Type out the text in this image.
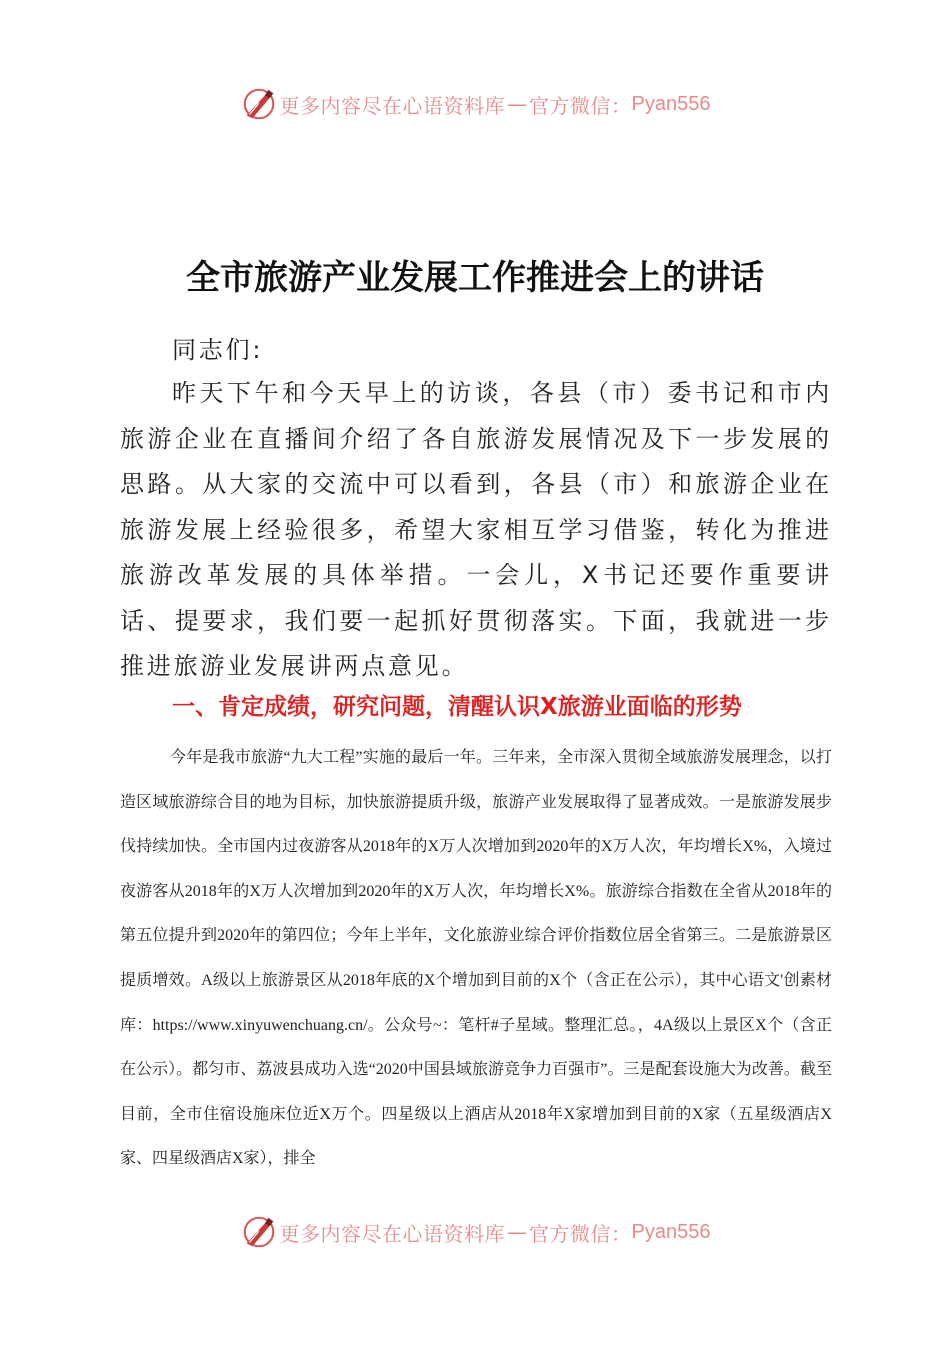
更多内容尽在心语资料库 — 官方微信： Pyan556
全市旅游产业发展工作推进会上的讲话

同志们:

昨天下午和今天早上的访谈，各县（市）委书记和市内旅游企业在直播间介绍了各自旅游发展情况及下一步发展的思路。从大家的交流中可以看到，各县（市）和旅游企业在旅游发展上经验很多，希望大家相互学习借鉴，转化为推进旅游改革发展的具体举措。一会儿，X书记还要作重要讲话、提要求，我们要一起抓好贯彻落实。下面，我就进一步推进旅游业发展讲两点意见。

一、肯定成绩，研究问题，清醒认识X旅游业面临的形势

今年是我市旅游“九大工程”实施的最后一年。三年来，全市深入贯彻全域旅游发展理念，以打造区域旅游综合目的地为目标，加快旅游提质升级，旅游产业发展取得了显著成效。一是旅游发展步伐持续加快。全市国内过夜游客从2018年的X万人次增加到2020年的X万人次，年均增长X%，入境过夜游客从2018年的X万人次增加到2020年的X万人次，年均增长X%。旅游综合指数在全省从2018年的第五位提升到2020年的第四位；今年上半年，文化旅游业综合评价指数位居全省第三。二是旅游景区提质增效。A级以上旅游景区从2018年底的X个增加到目前的X个（含正在公示），其中心语文'创素材库：https://www.xinyuwenchuang.cn/。公众号~：笔杆#子星域。整理汇总。，4A级以上景区X个（含正在公示）。都匀市、荔波县成功入选“2020中国县域旅游竞争力百强市”。三是配套设施大为改善。截至目前，全市住宿设施床位近X万个。四星级以上酒店从2018年X家增加到目前的X家（五星级酒店X家、四星级酒店X家），排全

更多内容尽在心语资料库 — 官方微信： Pyan556
